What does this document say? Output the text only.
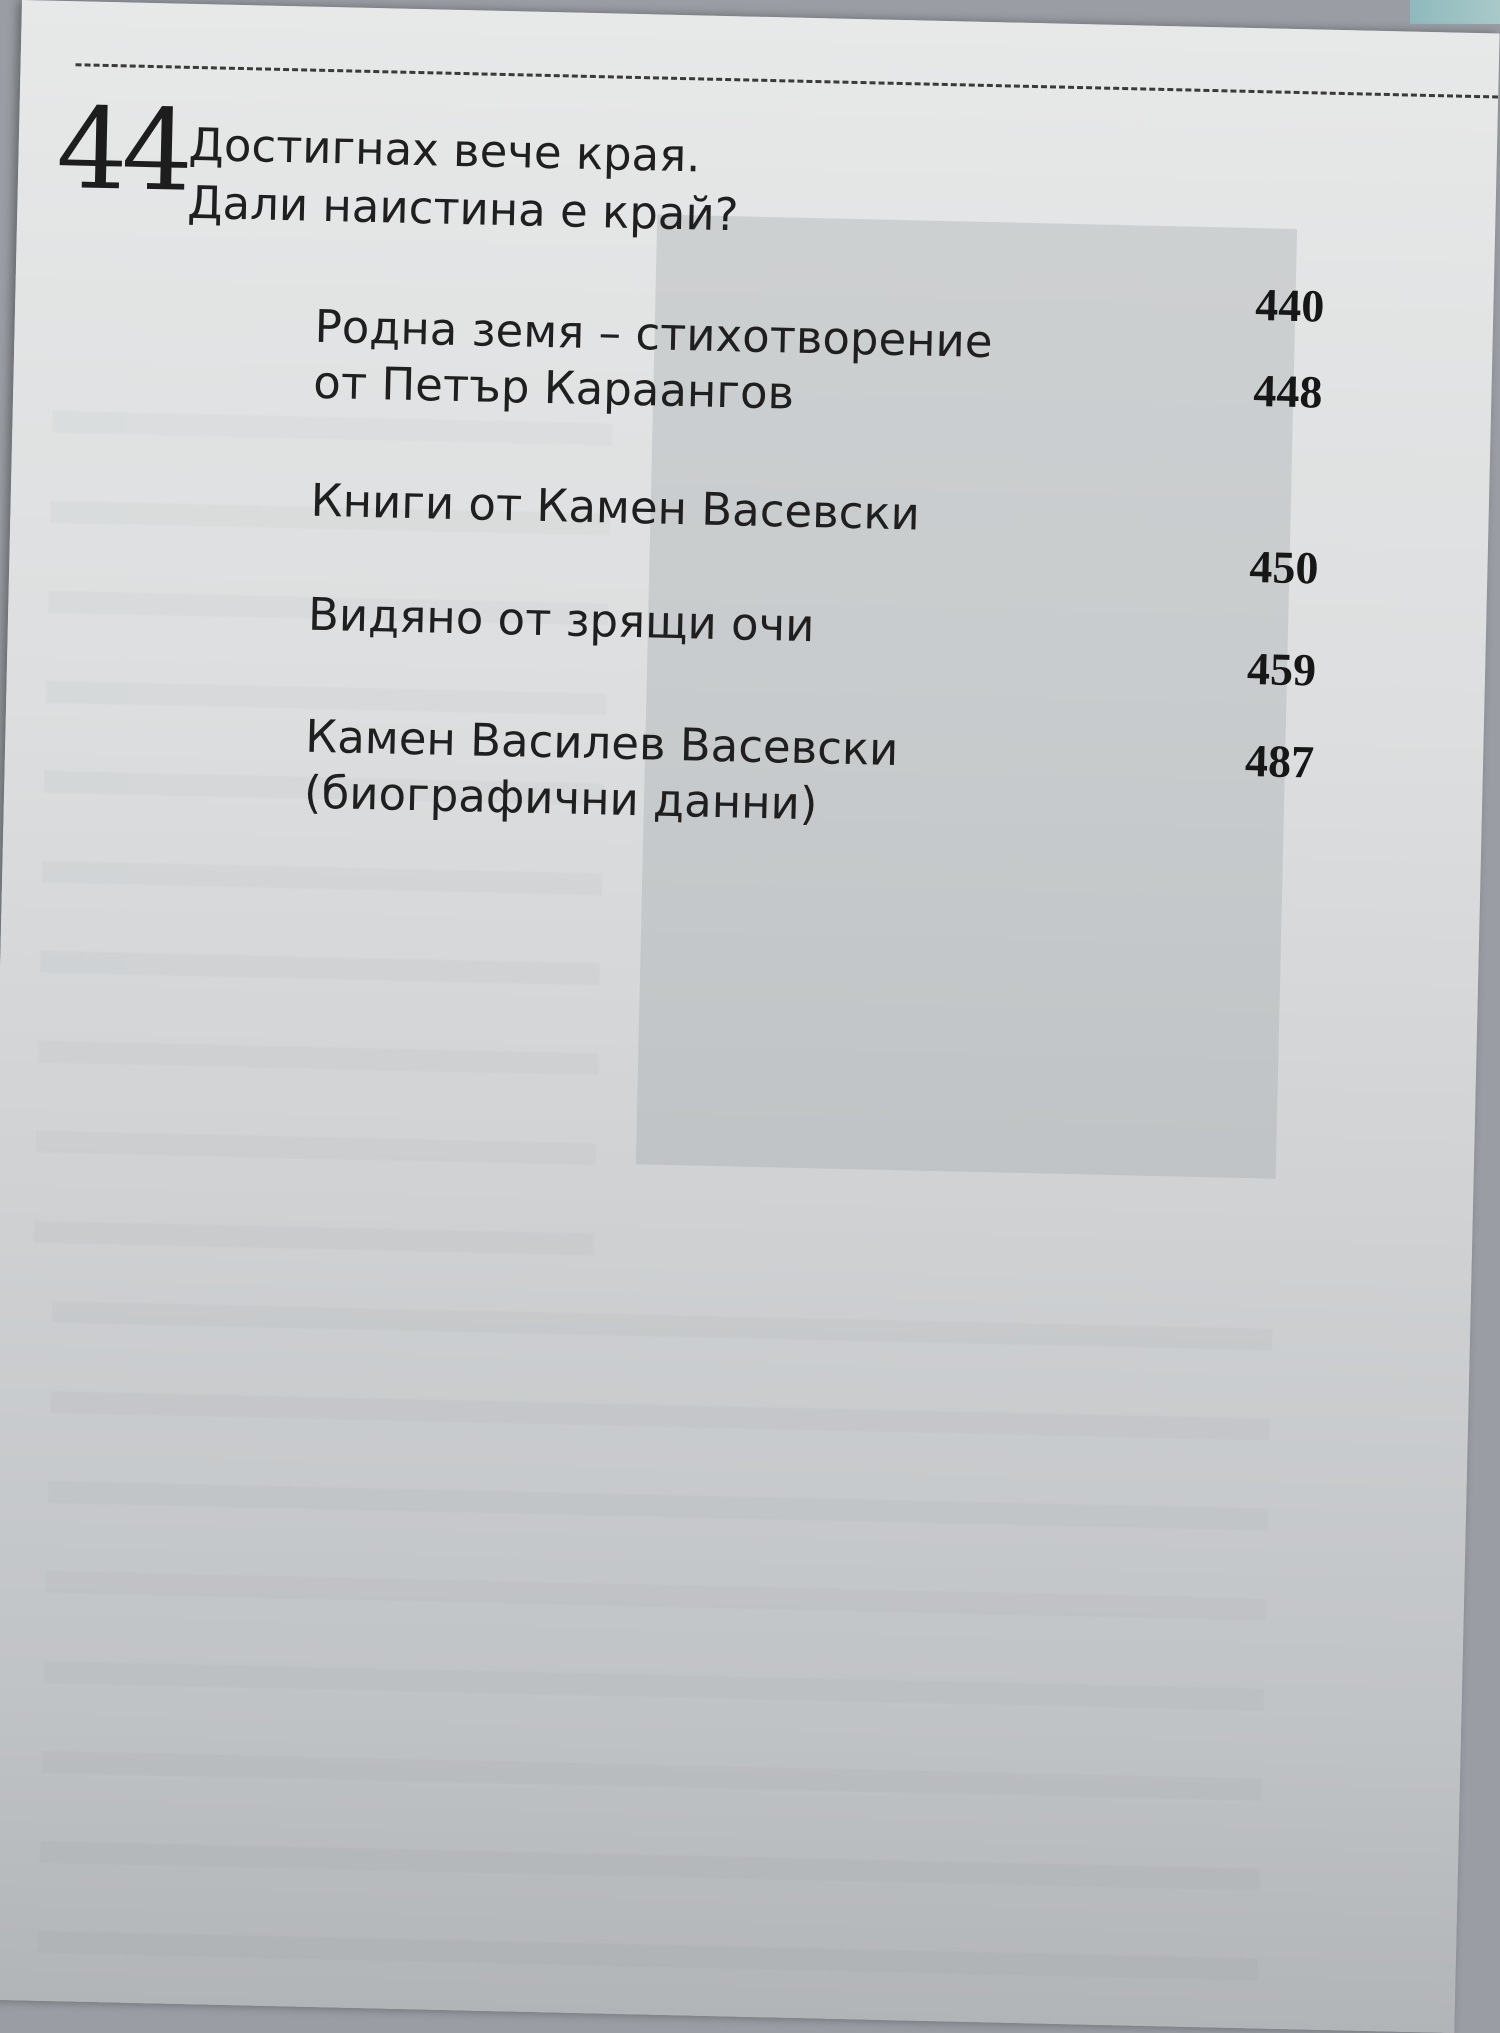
44 Достигнах вече края.
Дали наистина е край?
440
Родна земя – стихотворение
от Петър Караангов	448
Книги от Камен Васевски
450
Видяно от зрящи очи
459
Камен Василев Васевски
(биографични данни)
487
